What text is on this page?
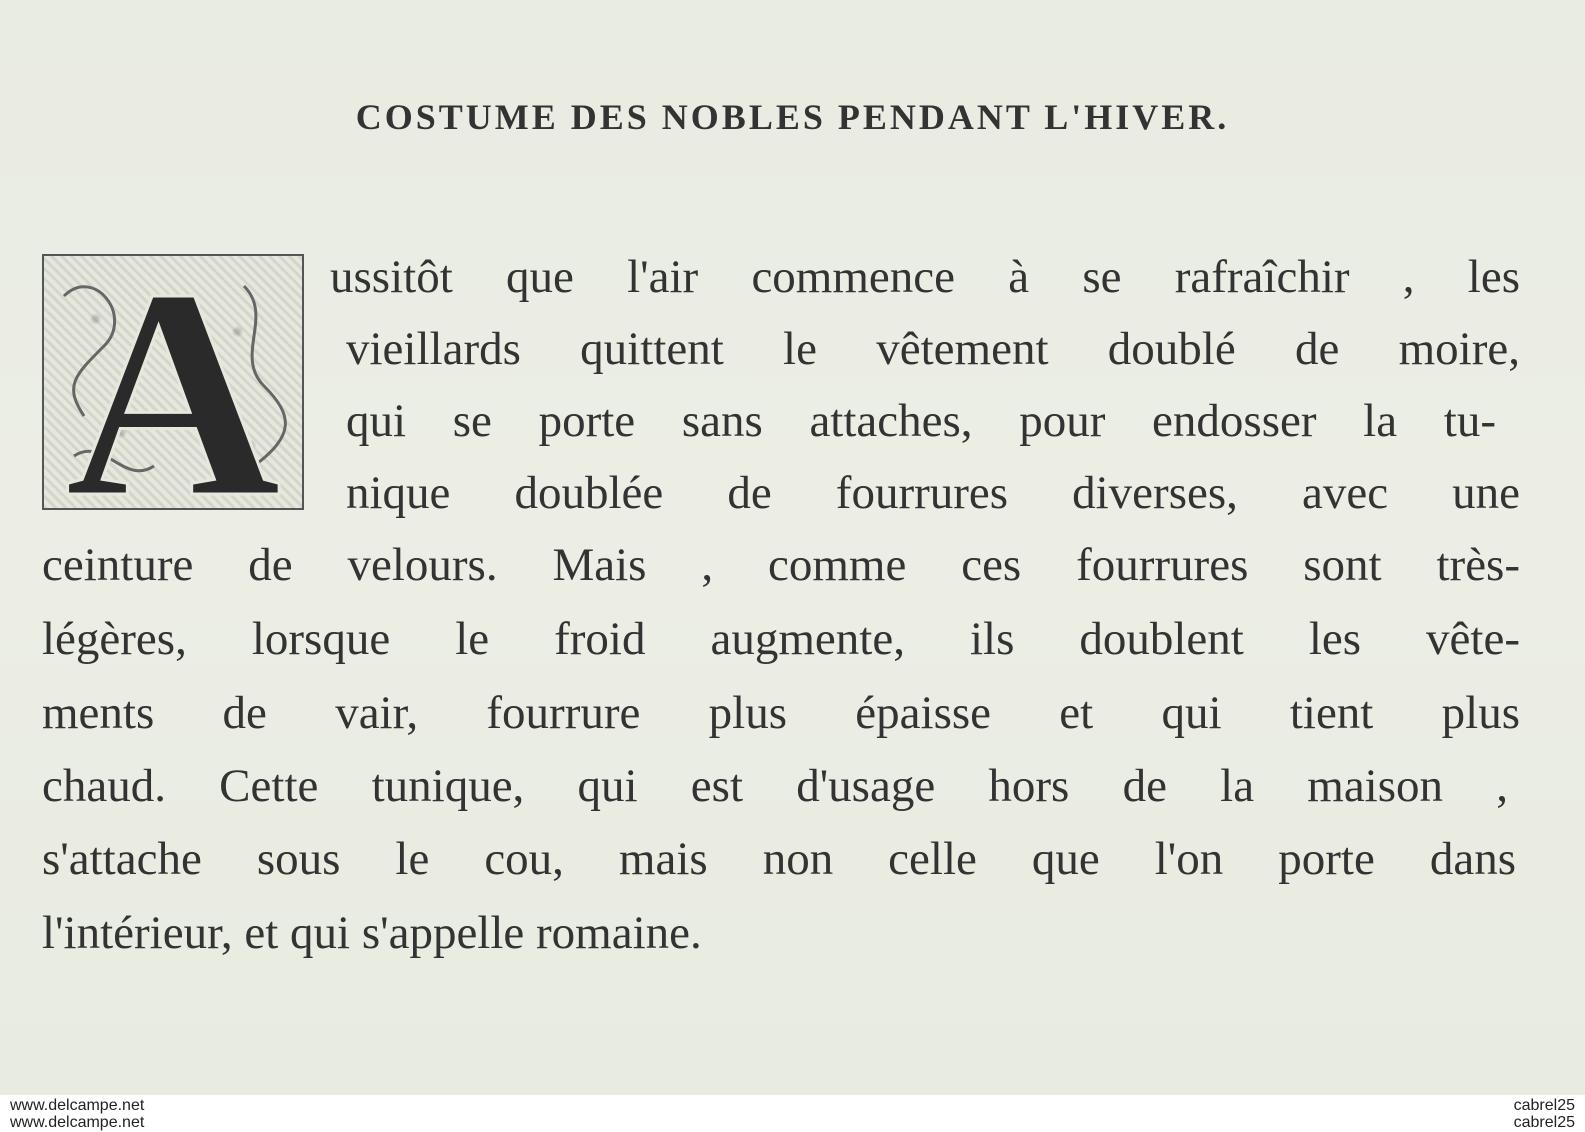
COSTUME DES NOBLES PENDANT L'HIVER.
A ussitôt que l'air commence à se rafraîchir , les
vieillards quittent le vêtement doublé de moire,
qui se porte sans attaches, pour endosser la tu-
nique doublée de fourrures diverses, avec une
ceinture de velours. Mais , comme ces fourrures sont très-
légères, lorsque le froid augmente, ils doublent les vête-
ments de vair, fourrure plus épaisse et qui tient plus
chaud. Cette tunique, qui est d'usage hors de la maison ,
s'attache sous le cou, mais non celle que l'on porte dans
l'intérieur, et qui s'appelle romaine.
www.delcampe.net
www.delcampe.net
cabrel25
cabrel25
